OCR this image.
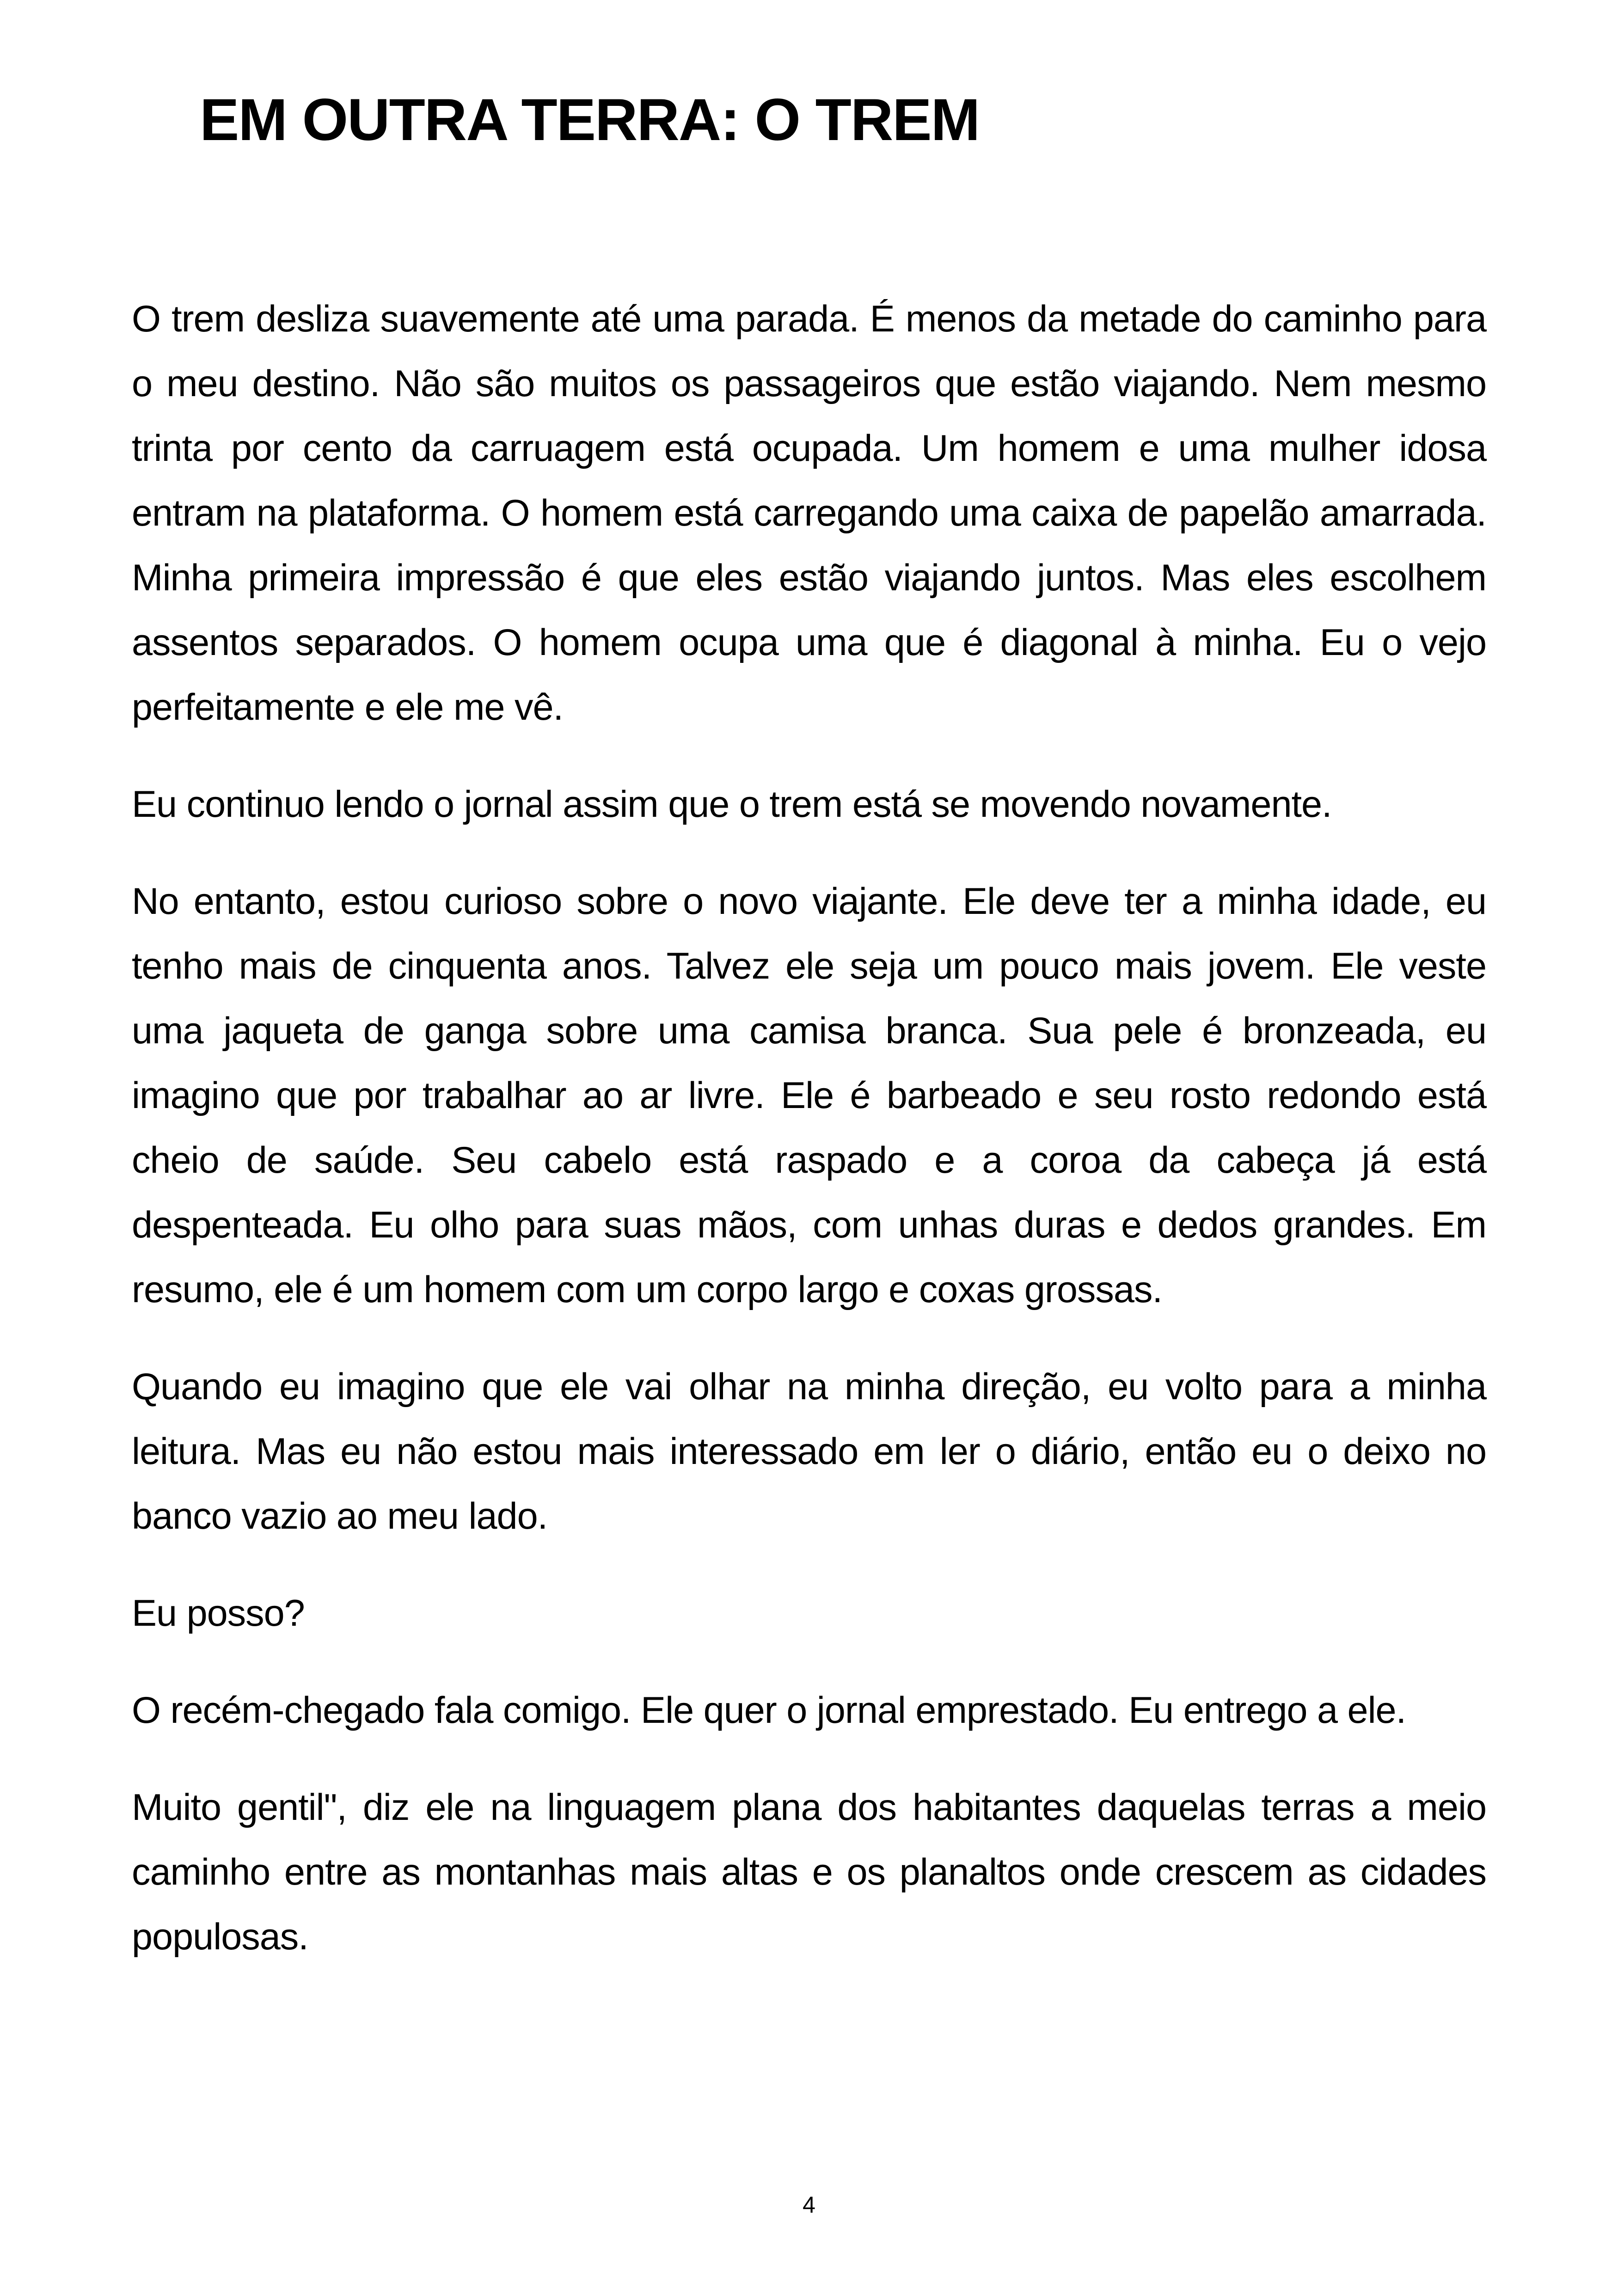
EM OUTRA TERRA: O TREM

O trem desliza suavemente até uma parada. É menos da metade do caminho para o meu destino. Não são muitos os passageiros que estão viajando. Nem mesmo trinta por cento da carruagem está ocupada. Um homem e uma mulher idosa entram na plataforma. O homem está carregando uma caixa de papelão amarrada. Minha primeira impressão é que eles estão viajando juntos. Mas eles escolhem assentos separados. O homem ocupa uma que é diagonal à minha. Eu o vejo perfeitamente e ele me vê.

Eu continuo lendo o jornal assim que o trem está se movendo novamente.

No entanto, estou curioso sobre o novo viajante. Ele deve ter a minha idade, eu tenho mais de cinquenta anos. Talvez ele seja um pouco mais jovem. Ele veste uma jaqueta de ganga sobre uma camisa branca. Sua pele é bronzeada, eu imagino que por trabalhar ao ar livre. Ele é barbeado e seu rosto redondo está cheio de saúde. Seu cabelo está raspado e a coroa da cabeça já está despenteada. Eu olho para suas mãos, com unhas duras e dedos grandes. Em resumo, ele é um homem com um corpo largo e coxas grossas.

Quando eu imagino que ele vai olhar na minha direção, eu volto para a minha leitura. Mas eu não estou mais interessado em ler o diário, então eu o deixo no banco vazio ao meu lado.

Eu posso?

O recém-chegado fala comigo. Ele quer o jornal emprestado. Eu entrego a ele.

Muito gentil", diz ele na linguagem plana dos habitantes daquelas terras a meio caminho entre as montanhas mais altas e os planaltos onde crescem as cidades populosas.

4
